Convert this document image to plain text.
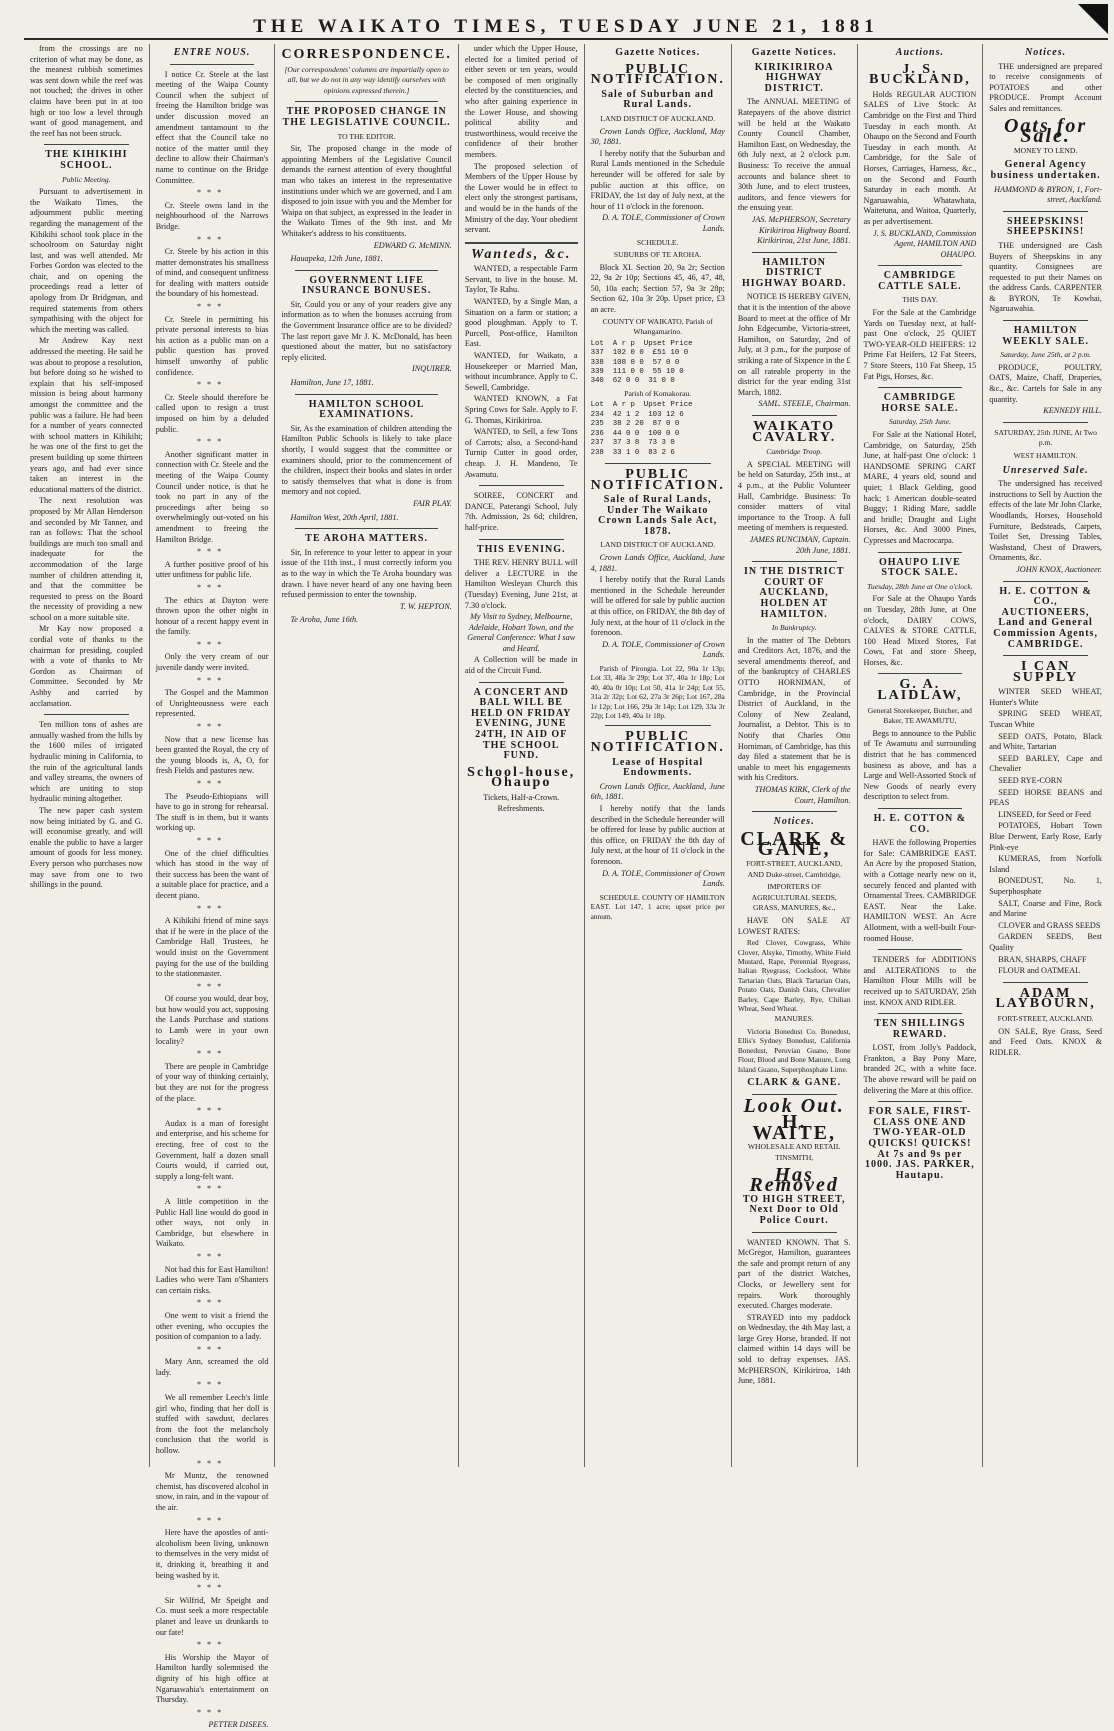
THE WAIKATO TIMES, TUESDAY JUNE 21, 1881
from the crossings are no criterion of what may be done, as the meanest rubbish sometimes was sent down while the reef was not touched; the drives in other claims have been put in at too high or too low a level through want of good management, and the reef has not been struck.
THE KIHIKIHI SCHOOL.
Public Meeting.
Pursuant to advertisement in the Waikato Times, the adjournment public meeting regarding the management of the Kihikihi school took place in the schoolroom on Saturday night last, and was well attended. Mr Forbes Gordon was elected to the chair, and on opening the proceedings read a letter of apology from Dr Bridgman, and required statements from others sympathising with the object for which the meeting was called.
Mr Andrew Kay next addressed the meeting. He said he was about to propose a resolution, but before doing so he wished to explain that his self-imposed mission is being about harmony amongst the committee and the public was a failure. He had been for a number of years connected with school matters in Kihikihi; he was one of the first to get the present building up some thirteen years ago, and had ever since taken an interest in the educational matters of the district.
The next resolution was proposed by Mr Allan Henderson and seconded by Mr Tanner, and ran as follows: That the school buildings are much too small and inadequate for the accommodation of the large number of children attending it, and that the committee be requested to press on the Board the necessity of providing a new school on a more suitable site.
Mr Kay now proposed a cordial vote of thanks to the chairman for presiding, coupled with a vote of thanks to Mr Gordon as Chairman of Committee. Seconded by Mr Ashby and carried by acclamation.
Ten million tons of ashes are annually washed from the hills by the 1600 miles of irrigated hydraulic mining in California, to the ruin of the agricultural lands and valley streams, the owners of which are uniting to stop hydraulic mining altogether.
The new paper cash system now being initiated by G. and G. will economise greatly, and will enable the public to have a larger amount of goods for less money. Every person who purchases now may save from one to two shillings in the pound.
ENTRE NOUS.
I notice Cr. Steele at the last meeting of the Waipa County Council when the subject of freeing the Hamilton bridge was under discussion moved an amendment tantamount to the effect that the Council take no notice of the matter until they decline to allow their Chairman's name to continue on the Bridge Committee.
***
Cr. Steele owns land in the neighbourhood of the Narrows Bridge.
***
Cr. Steele by his action in this matter demonstrates his smallness of mind, and consequent unfitness for dealing with matters outside the boundary of his homestead.
***
Cr. Steele in permitting his private personal interests to bias his action as a public man on a public question has proved himself unworthy of public confidence.
***
Cr. Steele should therefore be called upon to resign a trust imposed on him by a deluded public.
***
Another significant matter in connection with Cr. Steele and the meeting of the Waipa County Council under notice, is that he took no part in any of the proceedings after being so overwhelmingly out-voted on his amendment to freeing the Hamilton Bridge.
***
A further positive proof of his utter unfitness for public life.
***
The ethics at Dayton were thrown upon the other night in honour of a recent happy event in the family.
***
Only the very cream of our juvenile dandy were invited.
***
The Gospel and the Mammon of Unrighteousness were each represented.
***
Now that a new license has been granted the Royal, the cry of the young bloods is, A, O, for fresh Fields and pastures new.
***
The Pseudo-Ethiopians will have to go in strong for rehearsal. The stuff is in them, but it wants working up.
***
One of the chief difficulties which has stood in the way of their success has been the want of a suitable place for practice, and a decent piano.
***
A Kihikihi friend of mine says that if he were in the place of the Cambridge Hall Trustees, he would insist on the Government paying for the use of the building to the stationmaster.
***
Of course you would, dear boy, but how would you act, supposing the Lands Purchase and stations to Lamb were in your own locality?
***
There are people in Cambridge of your way of thinking certainly, but they are not for the progress of the place.
***
Audax is a man of foresight and enterprise, and his scheme for erecting, free of cost to the Government, half a dozen small Courts would, if carried out, supply a long-felt want.
***
A little competition in the Public Hall line would do good in other ways, not only in Cambridge, but elsewhere in Waikato.
***
Not bad this for East Hamilton! Ladies who were Tam o'Shanters can certain risks.
***
One went to visit a friend the other evening, who occupies the position of companion to a lady.
***
Mary Ann, screamed the old lady.
***
We all remember Leech's little girl who, finding that her doll is stuffed with sawdust, declares from the foot the melancholy conclusion that the world is hollow.
***
Mr Muntz, the renowned chemist, has discovered alcohol in snow, in rain, and in the vapour of the air.
***
Here have the apostles of anti-alcoholism been living, unknown to themselves in the very midst of it, drinking it, breathing it and being washed by it.
***
Sir Wilfrid, Mr Speight and Co. must seek a more respectable planet and leave us drunkards to our fate!
***
His Worship the Mayor of Hamilton hardly solemnised the dignity of his high office at Ngaruawahia's entertainment on Thursday.
***
PETTER DISEES.
CORRESPONDENCE.
[Our correspondents' columns are impartially open to all, but we do not in any way identify ourselves with opinions expressed therein.]
THE PROPOSED CHANGE IN THE LEGISLATIVE COUNCIL.
TO THE EDITOR.
Sir, The proposed change in the mode of appointing Members of the Legislative Council demands the earnest attention of every thoughtful man who takes an interest in the representative institutions under which we are governed, and I am disposed to join issue with you and the Member for Waipa on that subject, as expressed in the leader in the Waikato Times of the 9th inst. and Mr Whitaker's address to his constituents.
EDWARD G. McMINN.
Hauapeka, 12th June, 1881.
GOVERNMENT LIFE INSURANCE BONUSES.
Sir, Could you or any of your readers give any information as to when the bonuses accruing from the Government Insurance office are to be divided? The last report gave Mr J. K. McDonald, has been questioned about the matter, but no satisfactory reply elicited.
INQUIRER.
Hamilton, June 17, 1881.
HAMILTON SCHOOL EXAMINATIONS.
Sir, As the examination of children attending the Hamilton Public Schools is likely to take place shortly, I would suggest that the committee or examiners should, prior to the commencement of the children, inspect their books and slates in order to satisfy themselves that what is done is from memory and not copied.
FAIR PLAY.
Hamilton West, 20th April, 1881.
TE AROHA MATTERS.
Sir, In reference to your letter to appear in your issue of the 11th inst., I must correctly inform you as to the way in which the Te Aroha boundary was drawn. I have never heard of any one having been refused permission to enter the township.
T. W. HEPTON.
Te Aroha, June 16th.
under which the Upper House, elected for a limited period of either seven or ten years, would be composed of men originally elected by the constituencies, and who after gaining experience in the Lower House, and showing political ability and trustworthiness, would receive the confidence of their brother members.
The proposed selection of Members of the Upper House by the Lower would be in effect to elect only the strongest partisans, and would be in the hands of the Ministry of the day. Your obedient servant.
Wanteds, &c.
WANTED, a respectable Farm Servant, to live in the house. M. Taylor, Te Rahu.
WANTED, by a Single Man, a Situation on a farm or station; a good ploughman. Apply to T. Purcell, Post-office, Hamilton East.
WANTED, for Waikato, a Housekeeper or Married Man, without incumbrance. Apply to C. Sewell, Cambridge.
WANTED KNOWN, a Fat Spring Cows for Sale. Apply to F. G. Thomas, Kirikiriroa.
WANTED, to Sell, a few Tons of Carrots; also, a Second-hand Turnip Cutter in good order, cheap. J. H. Mandeno, Te Awamutu.
SOIREE, CONCERT and DANCE, Paterangi School, July 7th. Admission, 2s 6d; children, half-price.
THIS EVENING.
THE REV. HENRY BULL will deliver a LECTURE in the Hamilton Wesleyan Church this (Tuesday) Evening, June 21st, at 7.30 o'clock.
My Visit to Sydney, Melbourne, Adelaide, Hobart Town, and the General Conference: What I saw and Heard.
A Collection will be made in aid of the Circuit Fund.
A CONCERT AND BALL WILL BE HELD ON FRIDAY EVENING, JUNE 24TH, IN AID OF THE SCHOOL FUND.
School-house, Ohaupo
Tickets, Half-a-Crown. Refreshments.
Gazette Notices.
PUBLIC NOTIFICATION.
Sale of Suburban and Rural Lands.
LAND DISTRICT OF AUCKLAND.
Crown Lands Office, Auckland, May 30, 1881.
I hereby notify that the Suburban and Rural Lands mentioned in the Schedule hereunder will be offered for sale by public auction at this office, on FRIDAY, the 1st day of July next, at the hour of 11 o'clock in the forenoon.
D. A. TOLE, Commissioner of Crown Lands.
SCHEDULE.
SUBURBS OF TE AROHA.
Block XI. Section 20, 9a 2r; Section 22, 9a 2r 10p; Sections 45, 46, 47, 48, 50, 10a each; Section 57, 9a 3r 28p; Section 62, 10a 3r 20p. Upset price, £3 an acre.
COUNTY OF WAIKATO, Parish of Whangamarino.
Lot  A r p  Upset Price
337  102 0 0  £51 10 0
338  108 0 0  57 0 0
339  111 0 0  55 10 0
340  62 0 0  31 0 0
Parish of Komakorau.
Lot  A r p  Upset Price
234  42 1 2  103 12 6
235  38 2 20  87 0 0
236  44 0 0  100 0 0
237  37 3 8  73 3 0
238  33 1 0  83 2 6
PUBLIC NOTIFICATION.
Sale of Rural Lands, Under The Waikato Crown Lands Sale Act, 1878.
LAND DISTRICT OF AUCKLAND.
Crown Lands Office, Auckland, June 4, 1881.
I hereby notify that the Rural Lands mentioned in the Schedule hereunder will be offered for sale by public auction at this office, on FRIDAY, the 8th day of July next, at the hour of 11 o'clock in the forenoon.
D. A. TOLE, Commissioner of Crown Lands.
Parish of Pirongia. Lot 22, 90a 1r 13p; Lot 33, 48a 3r 29p; Lot 37, 40a 1r 18p; Lot 40, 40a 0r 10p; Lot 50, 41a 1r 24p; Lot 55, 31a 2r 32p; Lot 62, 27a 3r 26p; Lot 167, 28a 1r 12p; Lot 166, 29a 3r 14p; Lot 129, 33a 3r 22p; Lot 149, 40a 1r 18p.
PUBLIC NOTIFICATION.
Lease of Hospital Endowments.
Crown Lands Office, Auckland, June 6th, 1881.
I hereby notify that the lands described in the Schedule hereunder will be offered for lease by public auction at this office, on FRIDAY the 8th day of July next, at the hour of 11 o'clock in the forenoon.
D. A. TOLE, Commissioner of Crown Lands.
SCHEDULE. COUNTY OF HAMILTON EAST. Lot 147, 1 acre; upset price per annum.
Gazette Notices.
KIRIKIRIROA HIGHWAY DISTRICT.
The ANNUAL MEETING of Ratepayers of the above district will be held at the Waikato County Council Chamber, Hamilton East, on Wednesday, the 6th July next, at 2 o'clock p.m. Business: To receive the annual accounts and balance sheet to 30th June, and to elect trustees, auditors, and fence viewers for the ensuing year.
JAS. McPHERSON, Secretary Kirikiriroa Highway Board. Kirikiriroa, 21st June, 1881.
HAMILTON DISTRICT HIGHWAY BOARD.
NOTICE IS HEREBY GIVEN, that it is the intention of the above Board to meet at the office of Mr John Edgecumbe, Victoria-street, Hamilton, on Saturday, 2nd of July, at 3 p.m., for the purpose of striking a rate of Sixpence in the £ on all rateable property in the district for the year ending 31st March, 1882.
SAML. STEELE, Chairman.
WAIKATO CAVALRY.
Cambridge Troop.
A SPECIAL MEETING will be held on Saturday, 25th inst., at 4 p.m., at the Public Volunteer Hall, Cambridge. Business: To consider matters of vital importance to the Troop. A full meeting of members is requested.
JAMES RUNCIMAN, Captain. 20th June, 1881.
IN THE DISTRICT COURT OF AUCKLAND, HOLDEN AT HAMILTON.
In Bankruptcy.
In the matter of The Debtors and Creditors Act, 1876, and the several amendments thereof, and of the bankruptcy of CHARLES OTTO HORNIMAN, of Cambridge, in the Provincial District of Auckland, in the Colony of New Zealand, Journalist, a Debtor. This is to Notify that Charles Otto Horniman, of Cambridge, has this day filed a statement that he is unable to meet his engagements with his Creditors.
THOMAS KIRK, Clerk of the Court, Hamilton.
Notices.
CLARK & GANE,
FORT-STREET, AUCKLAND, AND Duke-street, Cambridge,
IMPORTERS OF AGRICULTURAL SEEDS, GRASS, MANURES, &c.,
HAVE ON SALE AT LOWEST RATES:
Red Clover, Cowgrass, White Clover, Alsyke, Timothy, White Field Mustard, Rape, Perennial Ryegrass, Italian Ryegrass, Cocksfoot, White Tartarian Oats, Black Tartarian Oats, Potato Oats, Danish Oats, Chevalier Barley, Cape Barley, Rye, Chilian Wheat, Seed Wheat.
MANURES.
Victoria Bonedust Co. Bonedust, Ellis's Sydney Bonedust, California Bonedust, Peruvian Guano, Bone Flour, Blood and Bone Manure, Long Island Guano, Superphosphate Lime.
CLARK & GANE.
Look Out.
H. WAITE,
WHOLESALE AND RETAIL TINSMITH,
Has Removed
TO HIGH STREET, Next Door to Old Police Court.
WANTED KNOWN. That S. McGregor, Hamilton, guarantees the safe and prompt return of any part of the district Watches, Clocks, or Jewellery sent for repairs. Work thoroughly executed. Charges moderate.
STRAYED into my paddock on Wednesday, the 4th May last, a large Grey Horse, branded. If not claimed within 14 days will be sold to defray expenses. JAS. McPHERSON, Kirikiriroa, 14th June, 1881.
Auctions.
J. S. BUCKLAND,
Holds REGULAR AUCTION SALES of Live Stock: At Cambridge on the First and Third Tuesday in each month. At Ohaupo on the Second and Fourth Tuesday in each month. At Cambridge, for the Sale of Horses, Carriages, Harness, &c., on the Second and Fourth Saturday in each month. At Ngaruawahia, Whatawhata, Waitetuna, and Waitoa, Quarterly, as per advertisement.
J. S. BUCKLAND, Commission Agent, HAMILTON AND OHAUPO.
CAMBRIDGE CATTLE SALE.
THIS DAY.
For the Sale at the Cambridge Yards on Tuesday next, at half-past One o'clock, 25 QUIET TWO-YEAR-OLD HEIFERS: 12 Prime Fat Heifers, 12 Fat Steers, 7 Store Steers, 110 Fat Sheep, 15 Fat Pigs, Horses, &c.
CAMBRIDGE HORSE SALE.
Saturday, 25th June.
For Sale at the National Hotel, Cambridge, on Saturday, 25th June, at half-past One o'clock: 1 HANDSOME SPRING CART MARE, 4 years old, sound and quiet; 1 Black Gelding, good hack; 1 American double-seated Buggy; 1 Riding Mare, saddle and bridle; Draught and Light Horses, &c. And 3000 Pines, Cypresses and Macrocarpa.
OHAUPO LIVE STOCK SALE.
Tuesday, 28th June at One o'clock.
For Sale at the Ohaupo Yards on Tuesday, 28th June, at One o'clock, DAIRY COWS, CALVES & STORE CATTLE, 100 Head Mixed Stores, Fat Cows, Fat and store Sheep, Horses, &c.
G. A. LAIDLAW,
General Storekeeper, Butcher, and Baker, TE AWAMUTU,
Begs to announce to the Public of Te Awamutu and surrounding district that he has commenced business as above, and has a Large and Well-Assorted Stock of New Goods of nearly every description to select from.
H. E. COTTON & CO.
HAVE the following Properties for Sale: CAMBRIDGE EAST. An Acre by the proposed Station, with a Cottage nearly new on it, securely fenced and planted with Ornamental Trees. CAMBRIDGE EAST. Near the Lake. HAMILTON WEST. An Acre Allotment, with a well-built Four-roomed House.
TENDERS for ADDITIONS and ALTERATIONS to the Hamilton Flour Mills will be received up to SATURDAY, 25th inst. KNOX AND RIDLER.
TEN SHILLINGS REWARD.
LOST, from Jolly's Paddock, Frankton, a Bay Pony Mare, branded 2C, with a white face. The above reward will be paid on delivering the Mare at this office.
FOR SALE, FIRST-CLASS ONE AND TWO-YEAR-OLD QUICKS! QUICKS! At 7s and 9s per 1000. JAS. PARKER, Hautapu.
Notices.
THE undersigned are prepared to receive consignments of POTATOES and other PRODUCE. Prompt Account Sales and remittances.
Oats for Sale.
MONEY TO LEND.
General Agency business undertaken.
HAMMOND & BYRON, 1, Fort-street, Auckland.
SHEEPSKINS! SHEEPSKINS!
THE undersigned are Cash Buyers of Sheepskins in any quantity. Consignees are requested to put their Names on the address Cards. CARPENTER & BYRON, Te Kowhai, Ngaruawahia.
HAMILTON WEEKLY SALE.
Saturday, June 25th, at 2 p.m.
PRODUCE, POULTRY, OATS, Maize, Chaff, Draperies, &c., &c. Cartels for Sale in any quantity.
KENNEDY HILL.
SATURDAY, 25th JUNE, At Two p.m.
WEST HAMILTON.
Unreserved Sale.
The undersigned has received instructions to Sell by Auction the effects of the late Mr John Clarke, Woodlands, Horses, Household Furniture, Bedsteads, Carpets, Toilet Set, Dressing Tables, Washstand, Chest of Drawers, Ornaments, &c.
JOHN KNOX, Auctioneer.
H. E. COTTON & CO., AUCTIONEERS, Land and General Commission Agents, CAMBRIDGE.
I CAN SUPPLY
WINTER SEED WHEAT, Hunter's White
SPRING SEED WHEAT, Tuscan White
SEED OATS, Potato, Black and White, Tartarian
SEED BARLEY, Cape and Chevalier
SEED RYE-CORN
SEED HORSE BEANS and PEAS
LINSEED, for Seed or Feed
POTATOES, Hobart Town Blue Derwent, Early Rose, Early Pink-eye
KUMERAS, from Norfolk Island
BONEDUST, No. 1, Superphosphate
SALT, Coarse and Fine, Rock and Marine
CLOVER and GRASS SEEDS
GARDEN SEEDS, Best Quality
BRAN, SHARPS, CHAFF
FLOUR and OATMEAL
ADAM LAYBOURN,
FORT-STREET, AUCKLAND.
ON SALE, Rye Grass, Seed and Feed Oats. KNOX & RIDLER.
